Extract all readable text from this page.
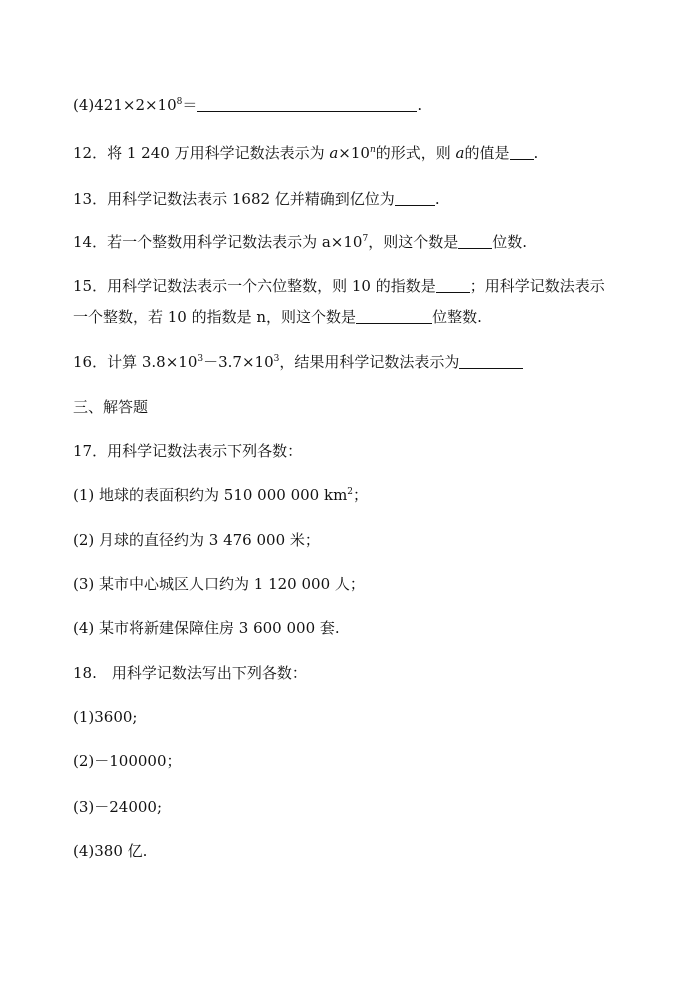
$(4)421\times 2\times 10^8=$	.
12．将 1 240 万用科学记数法表示为 $a\times 10^n$的形式，则 a的值是 .
13．用科学记数法表示 1682 亿并精确到亿位为	.
14．若一个整数用科学记数法表示为 $a\times 10^7$，则这个数是 位数.
15．用科学记数法表示一个六位整数，则 10 的指数是 ；用科学记数法表示
一个整数，若 10 的指数是 n，则这个数是	位整数.
16．计算 $3.8\times 10^3-3.7\times 10^3$，结果用科学记数法表示为
三、解答题
17．用科学记数法表示下列各数：
(1) 地球的表面积约为 510 000 000 $km^2$；
(2) 月球的直径约为 3 476 000 米；
(3) 某市中心城区人口约为 1 120 000 人；
(4) 某市将新建保障住房 3 600 000 套.
18.　用科学记数法写出下列各数：
(1)3600;
(2)－100000；
(3)－24000;
(4)380 亿.
